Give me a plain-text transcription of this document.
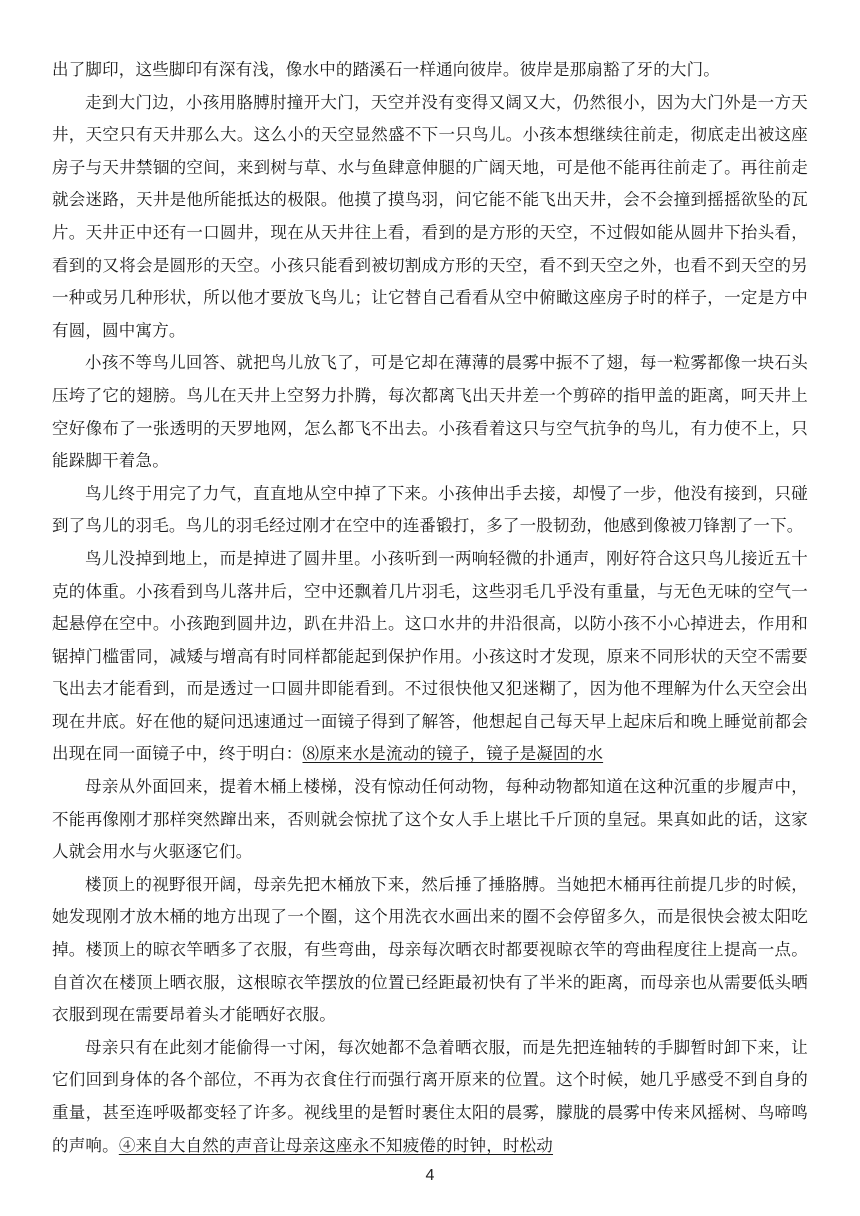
出了脚印，这些脚印有深有浅，像水中的踏溪石一样通向彼岸。彼岸是那扇豁了牙的大门。

走到大门边，小孩用胳膊肘撞开大门，天空并没有变得又阔又大，仍然很小，因为大门外是一方天井，天空只有天井那么大。这么小的天空显然盛不下一只鸟儿。小孩本想继续往前走，彻底走出被这座房子与天井禁锢的空间，来到树与草、水与鱼肆意伸腿的广阔天地，可是他不能再往前走了。再往前走就会迷路，天井是他所能抵达的极限。他摸了摸鸟羽，问它能不能飞出天井，会不会撞到摇摇欲坠的瓦片。天井正中还有一口圆井，现在从天井往上看，看到的是方形的天空，不过假如能从圆井下抬头看，看到的又将会是圆形的天空。小孩只能看到被切割成方形的天空，看不到天空之外，也看不到天空的另一种或另几种形状，所以他才要放飞鸟儿；让它替自己看看从空中俯瞰这座房子时的样子，一定是方中有圆，圆中寓方。

小孩不等鸟儿回答、就把鸟儿放飞了，可是它却在薄薄的晨雾中振不了翅，每一粒雾都像一块石头压垮了它的翅膀。鸟儿在天井上空努力扑腾，每次都离飞出天井差一个剪碎的指甲盖的距离，呵天井上空好像布了一张透明的天罗地网，怎么都飞不出去。小孩看着这只与空气抗争的鸟儿，有力使不上，只能跺脚干着急。

鸟儿终于用完了力气，直直地从空中掉了下来。小孩伸出手去接，却慢了一步，他没有接到，只碰到了鸟儿的羽毛。鸟儿的羽毛经过刚才在空中的连番锻打，多了一股韧劲，他感到像被刀锋割了一下。

鸟儿没掉到地上，而是掉进了圆井里。小孩听到一两响轻微的扑通声，刚好符合这只鸟儿接近五十克的体重。小孩看到鸟儿落井后，空中还飘着几片羽毛，这些羽毛几乎没有重量，与无色无味的空气一起悬停在空中。小孩跑到圆井边，趴在井沿上。这口水井的井沿很高，以防小孩不小心掉进去，作用和锯掉门槛雷同，减矮与增高有时同样都能起到保护作用。小孩这时才发现，原来不同形状的天空不需要飞出去才能看到，而是透过一口圆井即能看到。不过很快他又犯迷糊了，因为他不理解为什么天空会出现在井底。好在他的疑问迅速通过一面镜子得到了解答，他想起自己每天早上起床后和晚上睡觉前都会出现在同一面镜子中，终于明白：⑻原来水是流动的镜子，镜子是凝固的水

母亲从外面回来，提着木桶上楼梯，没有惊动任何动物，每种动物都知道在这种沉重的步履声中，不能再像刚才那样突然蹿出来，否则就会惊扰了这个女人手上堪比千斤顶的皇冠。果真如此的话，这家人就会用水与火驱逐它们。

楼顶上的视野很开阔，母亲先把木桶放下来，然后捶了捶胳膊。当她把木桶再往前提几步的时候，她发现刚才放木桶的地方出现了一个圈，这个用洗衣水画出来的圈不会停留多久，而是很快会被太阳吃掉。楼顶上的晾衣竿晒多了衣服，有些弯曲，母亲每次晒衣时都要视晾衣竿的弯曲程度往上提高一点。自首次在楼顶上晒衣服，这根晾衣竿摆放的位置已经距最初快有了半米的距离，而母亲也从需要低头晒衣服到现在需要昂着头才能晒好衣服。

母亲只有在此刻才能偷得一寸闲，每次她都不急着晒衣服，而是先把连轴转的手脚暂时卸下来，让它们回到身体的各个部位，不再为衣食住行而强行离开原来的位置。这个时候，她几乎感受不到自身的重量，甚至连呼吸都变轻了许多。视线里的是暂时裹住太阳的晨雾，朦胧的晨雾中传来风摇树、鸟啼鸣的声响。④来自大自然的声音让母亲这座永不知疲倦的时钟，时松动

4
